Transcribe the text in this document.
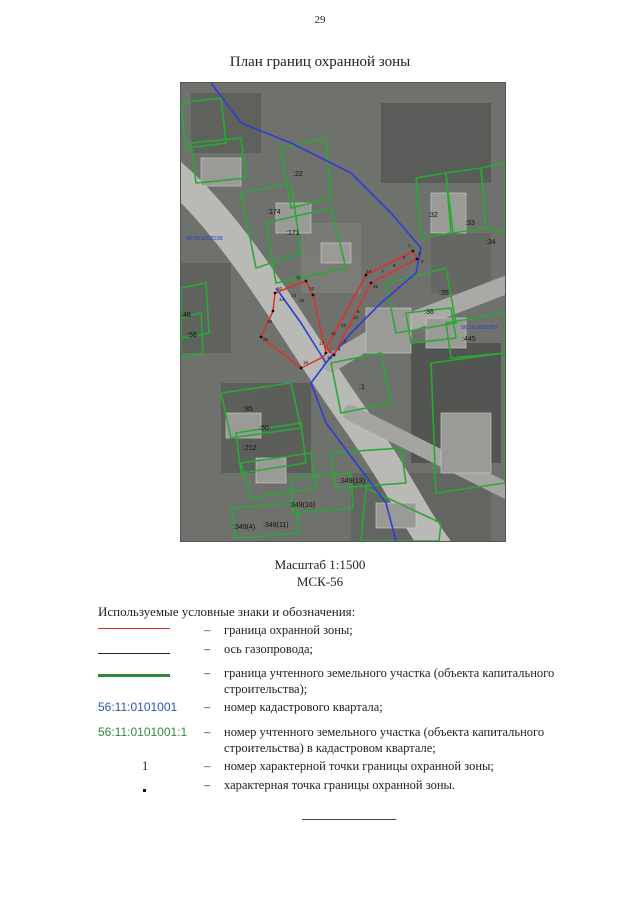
29
План границ охранной зоны
10
11
12
13
14	15
16
17
18
19
20
21
22
23
24
25
1
2
3
4
5
6
7
8
9
:22
:174
:171
:32
:33
:34
:35
:36
:445
:1
:85
:50
:212
:349(13)
:349(16)
:349(4) :349(11)
:48
:58
56:19:1002038
56:19:1002053
Масштаб 1:1500
МСК-56
Используемые условные знаки и обозначения:
– граница охранной зоны;
– ось газопровода;
– граница учтенного земельного участка (объекта капитального строительства);
56:11:0101001 – номер кадастрового квартала;
56:11:0101001:1	– номер учтенного земельного участка (объекта капитального строительства) в кадастровом квартале;
1	– номер характерной точки границы охранной зоны;
– характерная точка границы охранной зоны.
